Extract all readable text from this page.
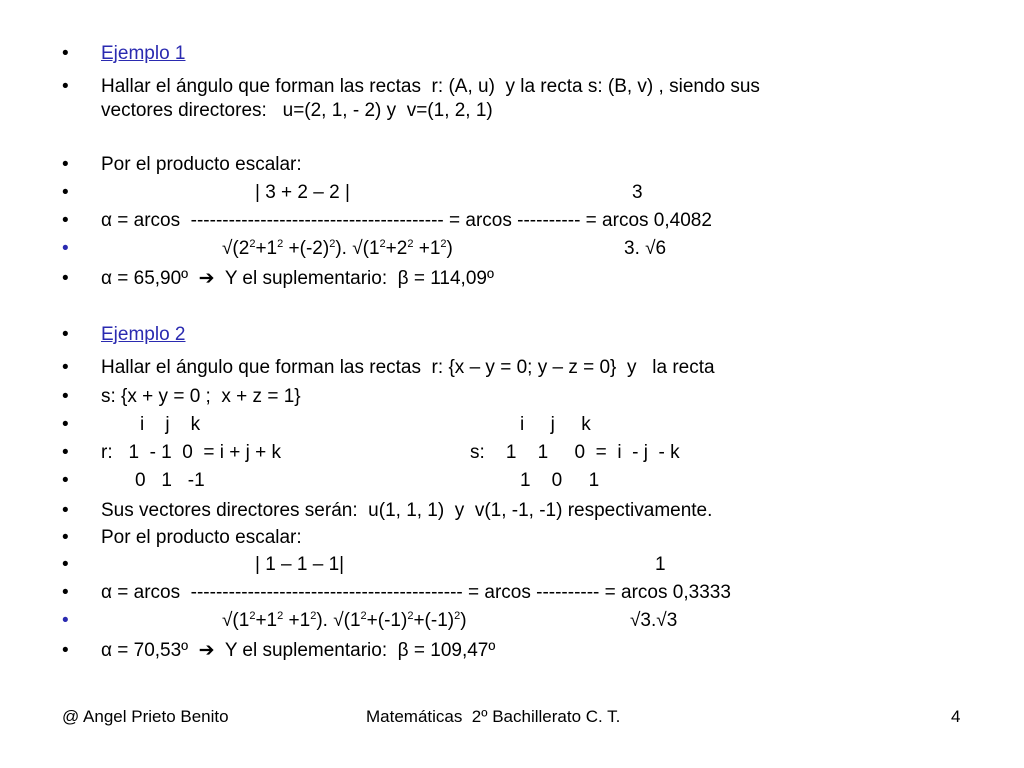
•

Ejemplo 1

•

Hallar el ángulo que forman las rectas  r: (A, u)  y la recta s: (B, v) , siendo sus

vectores directores:   u=(2, 1, - 2) y  v=(1, 2, 1)

•

Por el producto escalar:

•

	| 3 + 2 – 2 |

	3

•

α = arcos  ---------------------------------------- = arcos ---------- = arcos 0,4082

•

	$√(2^2+1^2 +(-2)^2)$. $√(1^2+2^2 +1^2)$

	3. √6

•

α = 65,90º  ➔  Y el suplementario:  β = 114,09º

•

Ejemplo 2

•

Hallar el ángulo que forman las rectas  r: {x – y = 0; y – z = 0}  y   la recta

•

s: {x + y = 0 ;  x + z = 1}

•

	i    j    k

	i     j     k

•

r:   1  - 1  0  = i + j + k

	s:    1    1     0  =  i  - j  - k

•

	0   1   -1

	1    0     1

•

Sus vectores directores serán:  u(1, 1, 1)  y  v(1, -1, -1) respectivamente.

•

Por el producto escalar:

•

	| 1 – 1 – 1|

	1

•

α = arcos  ------------------------------------------- = arcos ---------- = arcos 0,3333

•

	$√(1^2+1^2 +1^2)$. $√(1^2+(-1)^2+(-1)^2)$

	√3.√3

•

α = 70,53º  ➔  Y el suplementario:  β = 109,47º

@ Angel Prieto Benito	Matemáticas  2º Bachillerato C. T.	4
